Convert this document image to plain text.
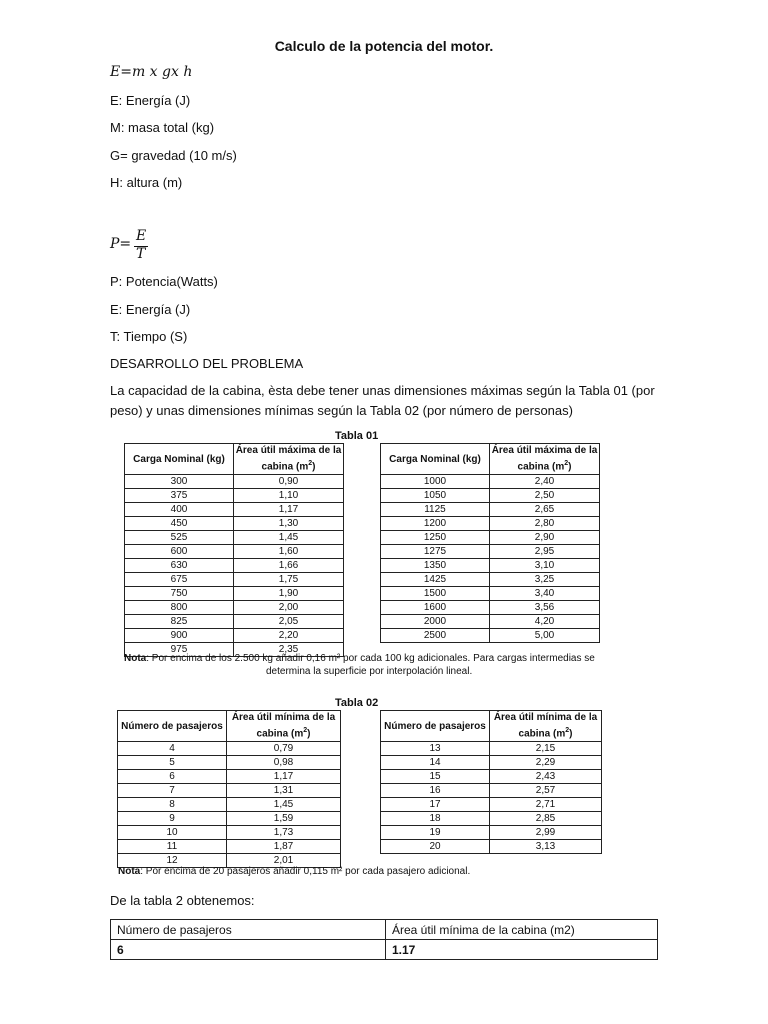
Calculo de la potencia del motor.
E=m x gx h
E: Energía (J)
M: masa total (kg)
G= gravedad (10 m/s)
H: altura (m)
P= E
T
P: Potencia(Watts)
E: Energía (J)
T: Tiempo (S)
DESARROLLO DEL PROBLEMA
La capacidad de la cabina, èsta debe tener unas dimensiones máximas según la Tabla 01 (por peso) y unas dimensiones mínimas según la Tabla 02 (por número de personas)
Tabla 01
Carga Nominal (kg)	Área útil máxima de la cabina $(m^2)$
300	0,90
375	1,10
400	1,17
450	1,30
525	1,45
600	1,60
630	1,66
675	1,75
750	1,90
800	2,00
825	2,05
900	2,20
975	2,35
Carga Nominal (kg)	Área útil máxima de la cabina $(m^2)$
1000	2,40
1050	2,50
1125	2,65
1200	2,80
1250	2,90
1275	2,95
1350	3,10
1425	3,25
1500	3,40
1600	3,56
2000	4,20
2500	5,00
Nota: Por encima de los 2.500 kg añadir 0,16 m² por cada 100 kg adicionales. Para cargas intermedias se
determina la superficie por interpolación lineal.
Tabla 02
Número de pasajeros	Área útil mínima de la cabina $(m^2)$
4	0,79
5	0,98
6	1,17
7	1,31
8	1,45
9	1,59
10	1,73
11	1,87
12	2,01
Número de pasajeros	Área útil mínima de la cabina $(m^2)$
13	2,15
14	2,29
15	2,43
16	2,57
17	2,71
18	2,85
19	2,99
20	3,13
Nota: Por encima de 20 pasajeros añadir 0,115 m² por cada pasajero adicional.
De la tabla 2 obtenemos:
Número de pasajeros	Área útil mínima de la cabina (m2)
6	1.17
